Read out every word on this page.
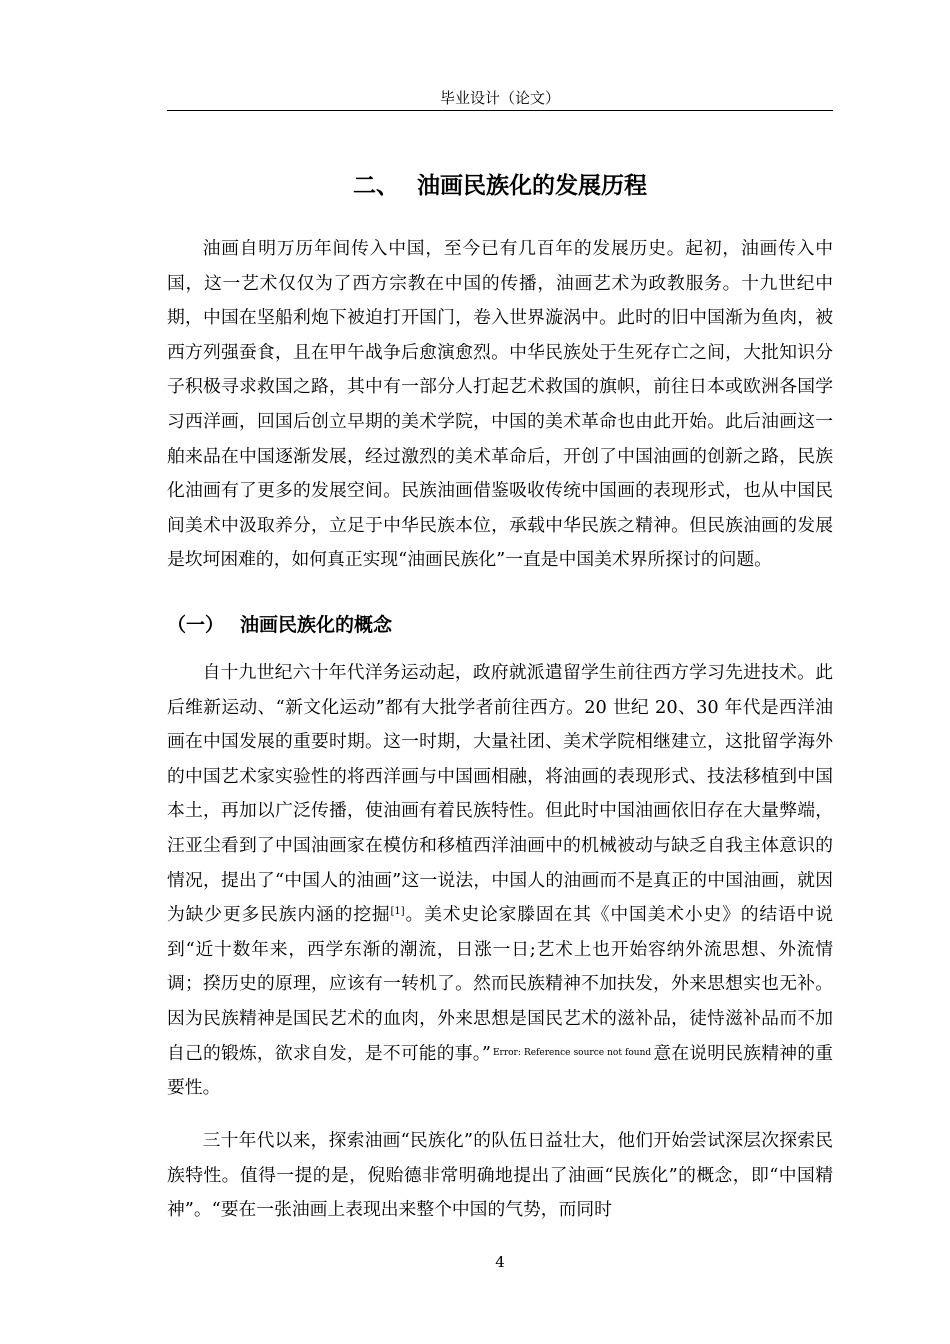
毕业设计（论文）
二、 油画民族化的发展历程

油画自明万历年间传入中国，至今已有几百年的发展历史。起初，油画传入中国，这一艺术仅仅为了西方宗教在中国的传播，油画艺术为政教服务。十九世纪中期，中国在坚船利炮下被迫打开国门，卷入世界漩涡中。此时的旧中国渐为鱼肉，被西方列强蚕食，且在甲午战争后愈演愈烈。中华民族处于生死存亡之间，大批知识分子积极寻求救国之路，其中有一部分人打起艺术救国的旗帜，前往日本或欧洲各国学习西洋画，回国后创立早期的美术学院，中国的美术革命也由此开始。此后油画这一舶来品在中国逐渐发展，经过激烈的美术革命后，开创了中国油画的创新之路，民族化油画有了更多的发展空间。民族油画借鉴吸收传统中国画的表现形式，也从中国民间美术中汲取养分，立足于中华民族本位，承载中华民族之精神。但民族油画的发展是坎坷困难的，如何真正实现“油画民族化”一直是中国美术界所探讨的问题。

（一） 油画民族化的概念

自十九世纪六十年代洋务运动起，政府就派遣留学生前往西方学习先进技术。此后维新运动、“新文化运动”都有大批学者前往西方。20 世纪 20、30 年代是西洋油画在中国发展的重要时期。这一时期，大量社团、美术学院相继建立，这批留学海外的中国艺术家实验性的将西洋画与中国画相融，将油画的表现形式、技法移植到中国本土，再加以广泛传播，使油画有着民族特性。但此时中国油画依旧存在大量弊端，汪亚尘看到了中国油画家在模仿和移植西洋油画中的机械被动与缺乏自我主体意识的情况，提出了“中国人的油画”这一说法，中国人的油画而不是真正的中国油画，就因为缺少更多民族内涵的挖掘[1]。美术史论家滕固在其《中国美术小史》的结语中说到“近十数年来，西学东渐的潮流，日涨一日;艺术上也开始容纳外流思想、外流情调；揆历史的原理，应该有一转机了。然而民族精神不加扶发，外来思想实也无补。因为民族精神是国民艺术的血肉，外来思想是国民艺术的滋补品，徒恃滋补品而不加自己的锻炼，欲求自发，是不可能的事。” $^{Error: Reference source not found}$ 意在说明民族精神的重要性。

三十年代以来，探索油画“民族化”的队伍日益壮大，他们开始尝试深层次探索民族特性。值得一提的是，倪贻德非常明确地提出了油画“民族化”的概念，即“中国精神”。“要在一张油画上表现出来整个中国的气势，而同时

4
